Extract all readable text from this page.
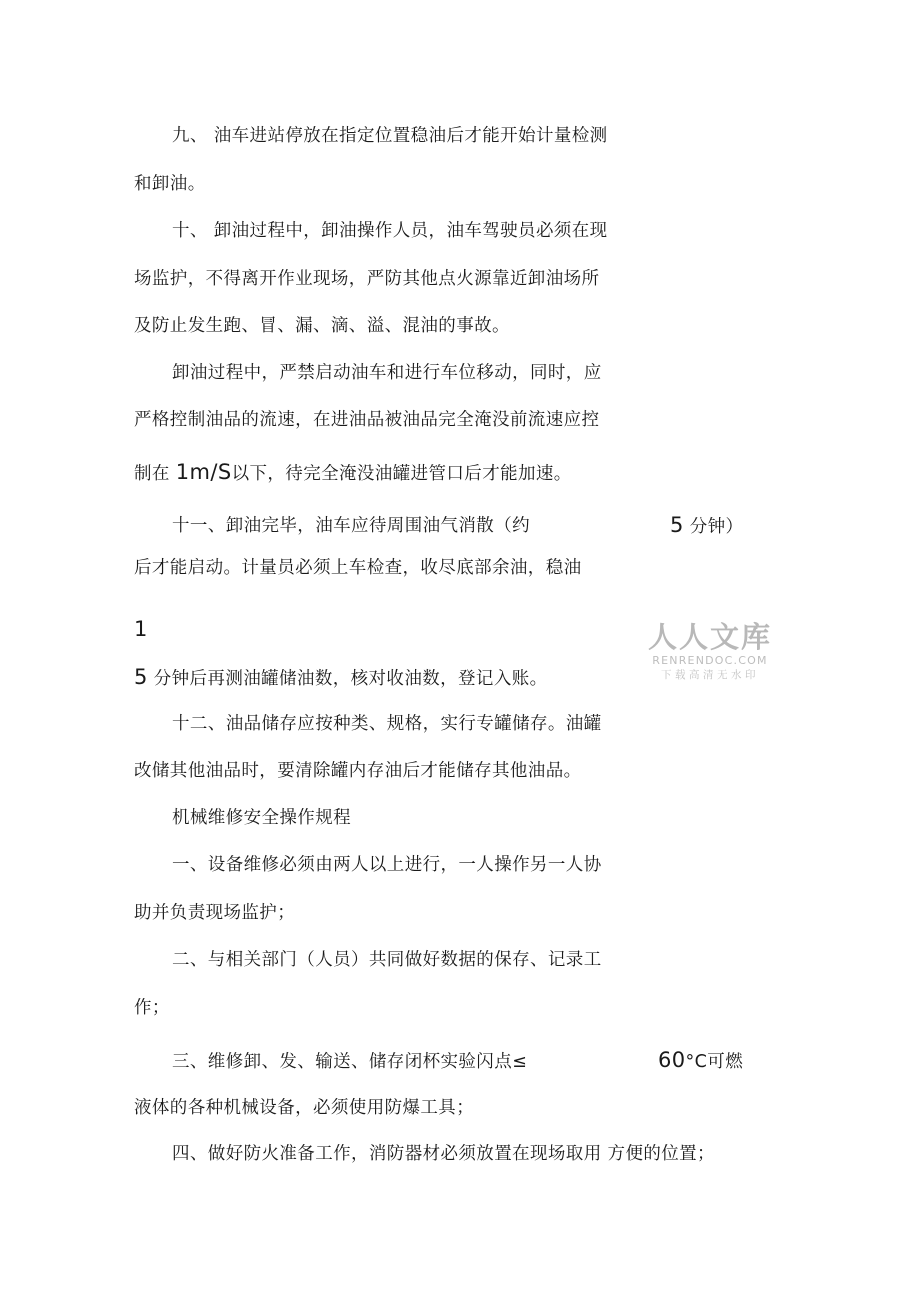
九、 油车进站停放在指定位置稳油后才能开始计量检测
和卸油。
十、 卸油过程中，卸油操作人员，油车驾驶员必须在现
场监护，不得离开作业现场，严防其他点火源靠近卸油场所
及防止发生跑、冒、漏、滴、溢、混油的事故。
卸油过程中，严禁启动油车和进行车位移动，同时，应
严格控制油品的流速，在进油品被油品完全淹没前流速应控
制在 1m/S以下，待完全淹没油罐进管口后才能加速。
十一、卸油完毕，油车应待周围油气消散（约	5 分钟）
后才能启动。计量员必须上车检查，收尽底部余油，稳油
1
5 分钟后再测油罐储油数，核对收油数，登记入账。
十二、油品储存应按种类、规格，实行专罐储存。油罐
改储其他油品时，要清除罐内存油后才能储存其他油品。
机械维修安全操作规程
一、设备维修必须由两人以上进行，一人操作另一人协
助并负责现场监护；
二、与相关部门（人员）共同做好数据的保存、记录工
作；
三、维修卸、发、输送、储存闭杯实验闪点≤	60°C可燃
液体的各种机械设备，必须使用防爆工具；
四、做好防火准备工作，消防器材必须放置在现场取用 方便的位置；
人人文库
RENRENDOC.COM
下载高清无水印
